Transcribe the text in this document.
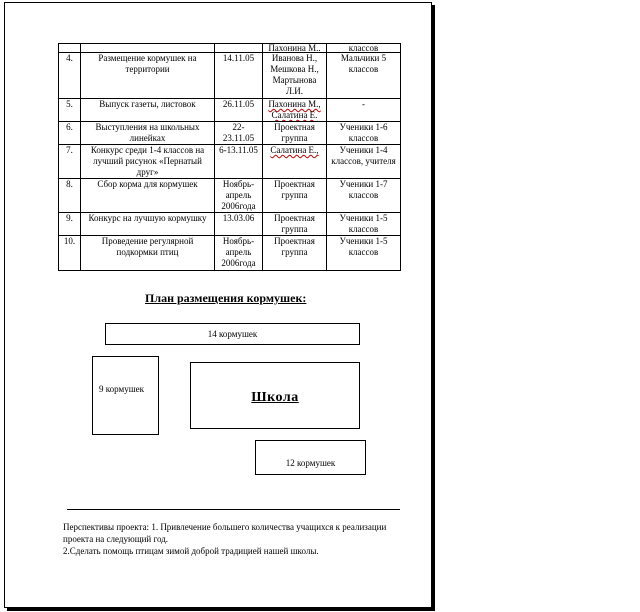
			Пахонина М..	классов
4.	Размещение кормушек на территории	14.11.05	Иванова Н., Мешкова Н., Мартынова Л.И.	Мальчики 5 классов
5.	Выпуск газеты, листовок	26.11.05	Пахонина М., Салатина Е.	-
6.	Выступления на школьных линейках	22-23.11.05	Проектная группа	Ученики 1-6 классов
7.	Конкурс среди 1-4 классов на лучший рисунок «Пернатый друг»	6-13.11.05	Салатина Е.,	Ученики 1-4 классов, учителя
8.	Сбор корма для кормушек	Ноябрь-апрель 2006года	Проектная группа	Ученики 1-7 классов
9.	Конкурс на лучшую кормушку	13.03.06	Проектная группа	Ученики 1-5 классов
10.	Проведение регулярной подкормки птиц	Ноябрь-апрель 2006года	Проектная группа	Ученики 1-5 классов
План размещения кормушек:
14 кормушек
9 кормушек
Школа
12 кормушек
Перспективы проекта: 1. Привлечение большего количества учащихся к реализации проекта на следующий год.
2.Сделать помощь птицам зимой доброй традицией нашей школы.
